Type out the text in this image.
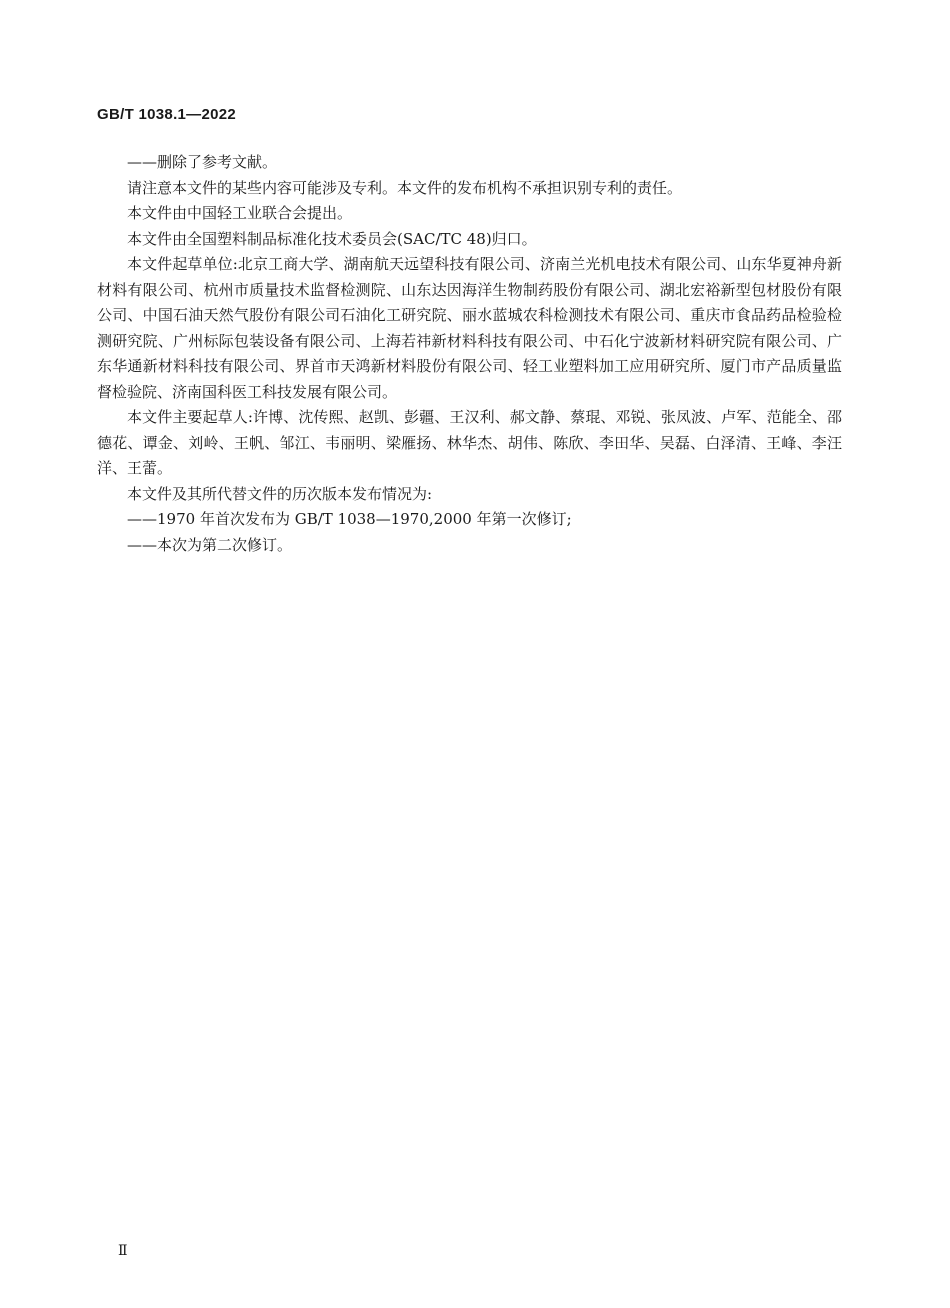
GB/T 1038.1—2022

——删除了参考文献。

请注意本文件的某些内容可能涉及专利。本文件的发布机构不承担识别专利的责任。

本文件由中国轻工业联合会提出。

本文件由全国塑料制品标准化技术委员会(SAC/TC 48)归口。

本文件起草单位:北京工商大学、湖南航天远望科技有限公司、济南兰光机电技术有限公司、山东华夏神舟新材料有限公司、杭州市质量技术监督检测院、山东达因海洋生物制药股份有限公司、湖北宏裕新型包材股份有限公司、中国石油天然气股份有限公司石油化工研究院、丽水蓝城农科检测技术有限公司、重庆市食品药品检验检测研究院、广州标际包装设备有限公司、上海若祎新材料科技有限公司、中石化宁波新材料研究院有限公司、广东华通新材料科技有限公司、界首市天鸿新材料股份有限公司、轻工业塑料加工应用研究所、厦门市产品质量监督检验院、济南国科医工科技发展有限公司。

本文件主要起草人:许博、沈传熙、赵凯、彭疆、王汉利、郝文静、蔡琨、邓锐、张凤波、卢军、范能全、邵德花、谭金、刘岭、王帆、邹江、韦丽明、梁雁扬、林华杰、胡伟、陈欣、李田华、吴磊、白泽清、王峰、李汪洋、王蕾。

本文件及其所代替文件的历次版本发布情况为:

——1970 年首次发布为 GB/T 1038—1970,2000 年第一次修订;

——本次为第二次修订。

Ⅱ
